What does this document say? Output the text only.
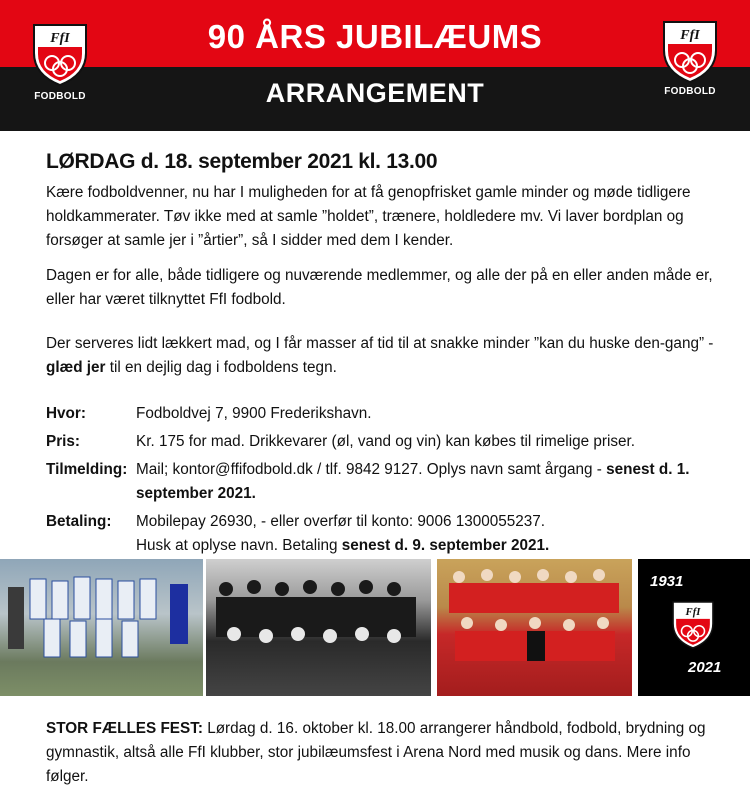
90 ÅRS JUBILÆUMS
ARRANGEMENT
FfI
FODBOLD
FfI
FODBOLD
LØRDAG d. 18. september 2021 kl. 13.00

Kære fodboldvenner, nu har I muligheden for at få genopfrisket gamle minder og møde tidligere holdkammerater. Tøv ikke med at samle ”holdet”, trænere, holdledere mv. Vi laver bordplan og forsøger at samle jer i ”årtier”, så I sidder med dem I kender.

Dagen er for alle, både tidligere og nuværende medlemmer, og alle der på en eller anden måde er, eller har været tilknyttet FfI fodbold.

Der serveres lidt lækkert mad, og I får masser af tid til at snakke minder ”kan du huske den-gang” - glæd jer til en dejlig dag i fodboldens tegn.

Hvor:	Fodboldvej 7, 9900 Frederikshavn.
Pris:	Kr. 175 for mad. Drikkevarer (øl, vand og vin) kan købes til rimelige priser.
Tilmelding: Mail; kontor@ffifodbold.dk / tlf. 9842 9127. Oplys navn samt årgang - senest d. 1. september 2021.
Betaling: Mobilepay 26930, - eller overfør til konto: 9006 1300055237.
Husk at oplyse navn. Betaling senest d. 9. september 2021.
1931
FfI
2021

STOR FÆLLES FEST: Lørdag d. 16. oktober kl. 18.00 arrangerer håndbold, fodbold, brydning og gymnastik, altså alle FfI klubber, stor jubilæumsfest i Arena Nord med musik og dans. Mere info følger.
